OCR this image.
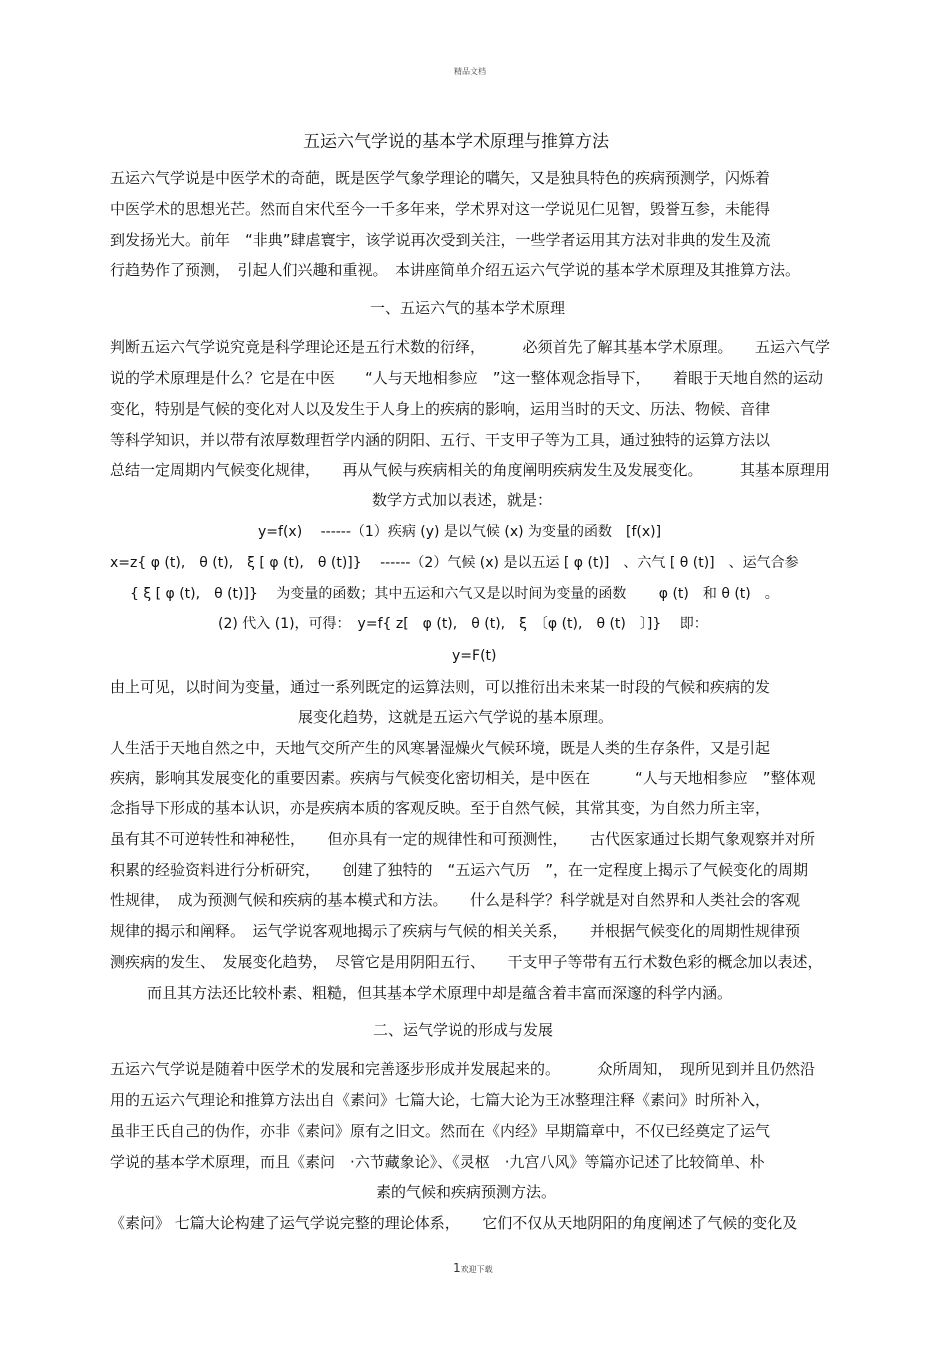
精品文档
五运六气学说的基本学术原理与推算方法
五运六气学说是中医学术的奇葩，既是医学气象学理论的嚆矢，又是独具特色的疾病预测学，闪烁着
中医学术的思想光芒。然而自宋代至今一千多年来，学术界对这一学说见仁见智，毁誉互参，未能得
到发扬光大。前年　“非典”肆虐寰宇，该学说再次受到关注，一些学者运用其方法对非典的发生及流
行趋势作了预测，　引起人们兴趣和重视。　本讲座简单介绍五运六气学说的基本学术原理及其推算方法。
一、五运六气的基本学术原理
判断五运六气学说究竟是科学理论还是五行术数的衍绎，　　　必须首先了解其基本学术原理。　　五运六气学
说的学术原理是什么？它是在中医　　“人与天地相参应　”这一整体观念指导下，　　着眼于天地自然的运动
变化，特别是气候的变化对人以及发生于人身上的疾病的影响，运用当时的天文、历法、物候、音律
等科学知识，并以带有浓厚数理哲学内涵的阴阳、五行、干支甲子等为工具，通过独特的运算方法以
总结一定周期内气候变化规律，　　再从气候与疾病相关的角度阐明疾病发生及发展变化。　　　其基本原理用
数学方式加以表述，就是：
y=f(x)　 ------（1）疾病 (y) 是以气候 (x) 为变量的函数　[f(x)]
x=z{ φ (t),　θ (t),　ξ [ φ (t),　θ (t)]}　 ------（2）气候 (x) 是以五运 [ φ (t)]　、六气 [ θ (t)]　、运气合参
{ ξ [ φ (t),　θ (t)]}　 为变量的函数；其中五运和六气又是以时间为变量的函数　　 φ (t)　和 θ (t)　。
(2) 代入 (1)，可得：　y=f{ z[　φ (t),　θ (t),　ξ　〔φ (t),　θ (t)　〕]}　 即：
y=F(t)
由上可见，以时间为变量，通过一系列既定的运算法则，可以推衍出未来某一时段的气候和疾病的发
展变化趋势，这就是五运六气学说的基本原理。
人生活于天地自然之中，天地气交所产生的风寒暑湿燥火气候环境，既是人类的生存条件，又是引起
疾病，影响其发展变化的重要因素。疾病与气候变化密切相关，是中医在　　　“人与天地相参应　”整体观
念指导下形成的基本认识，亦是疾病本质的客观反映。至于自然气候，其常其变，为自然力所主宰，
虽有其不可逆转性和神秘性，　　但亦具有一定的规律性和可预测性，　　古代医家通过长期气象观察并对所
积累的经验资料进行分析研究，　　创建了独特的　“五运六气历　”，在一定程度上揭示了气候变化的周期
性规律，　成为预测气候和疾病的基本模式和方法。　　什么是科学？科学就是对自然界和人类社会的客观
规律的揭示和阐释。　运气学说客观地揭示了疾病与气候的相关关系，　　并根据气候变化的周期性规律预
测疾病的发生、　发展变化趋势，　尽管它是用阴阳五行、　　干支甲子等带有五行术数色彩的概念加以表述，
而且其方法还比较朴素、粗糙，但其基本学术原理中却是蕴含着丰富而深邃的科学内涵。
二、运气学说的形成与发展
五运六气学说是随着中医学术的发展和完善逐步形成并发展起来的。　　　众所周知，　现所见到并且仍然沿
用的五运六气理论和推算方法出自《素问》七篇大论，七篇大论为王冰整理注释《素问》时所补入，
虽非王氏自己的伪作，亦非《素问》原有之旧文。然而在《内经》早期篇章中，不仅已经奠定了运气
学说的基本学术原理，而且《素问　·六节藏象论》、《灵枢　·九宫八风》等篇亦记述了比较简单、朴
素的气候和疾病预测方法。
《素问》 七篇大论构建了运气学说完整的理论体系，　　它们不仅从天地阴阳的角度阐述了气候的变化及
1欢迎下载
